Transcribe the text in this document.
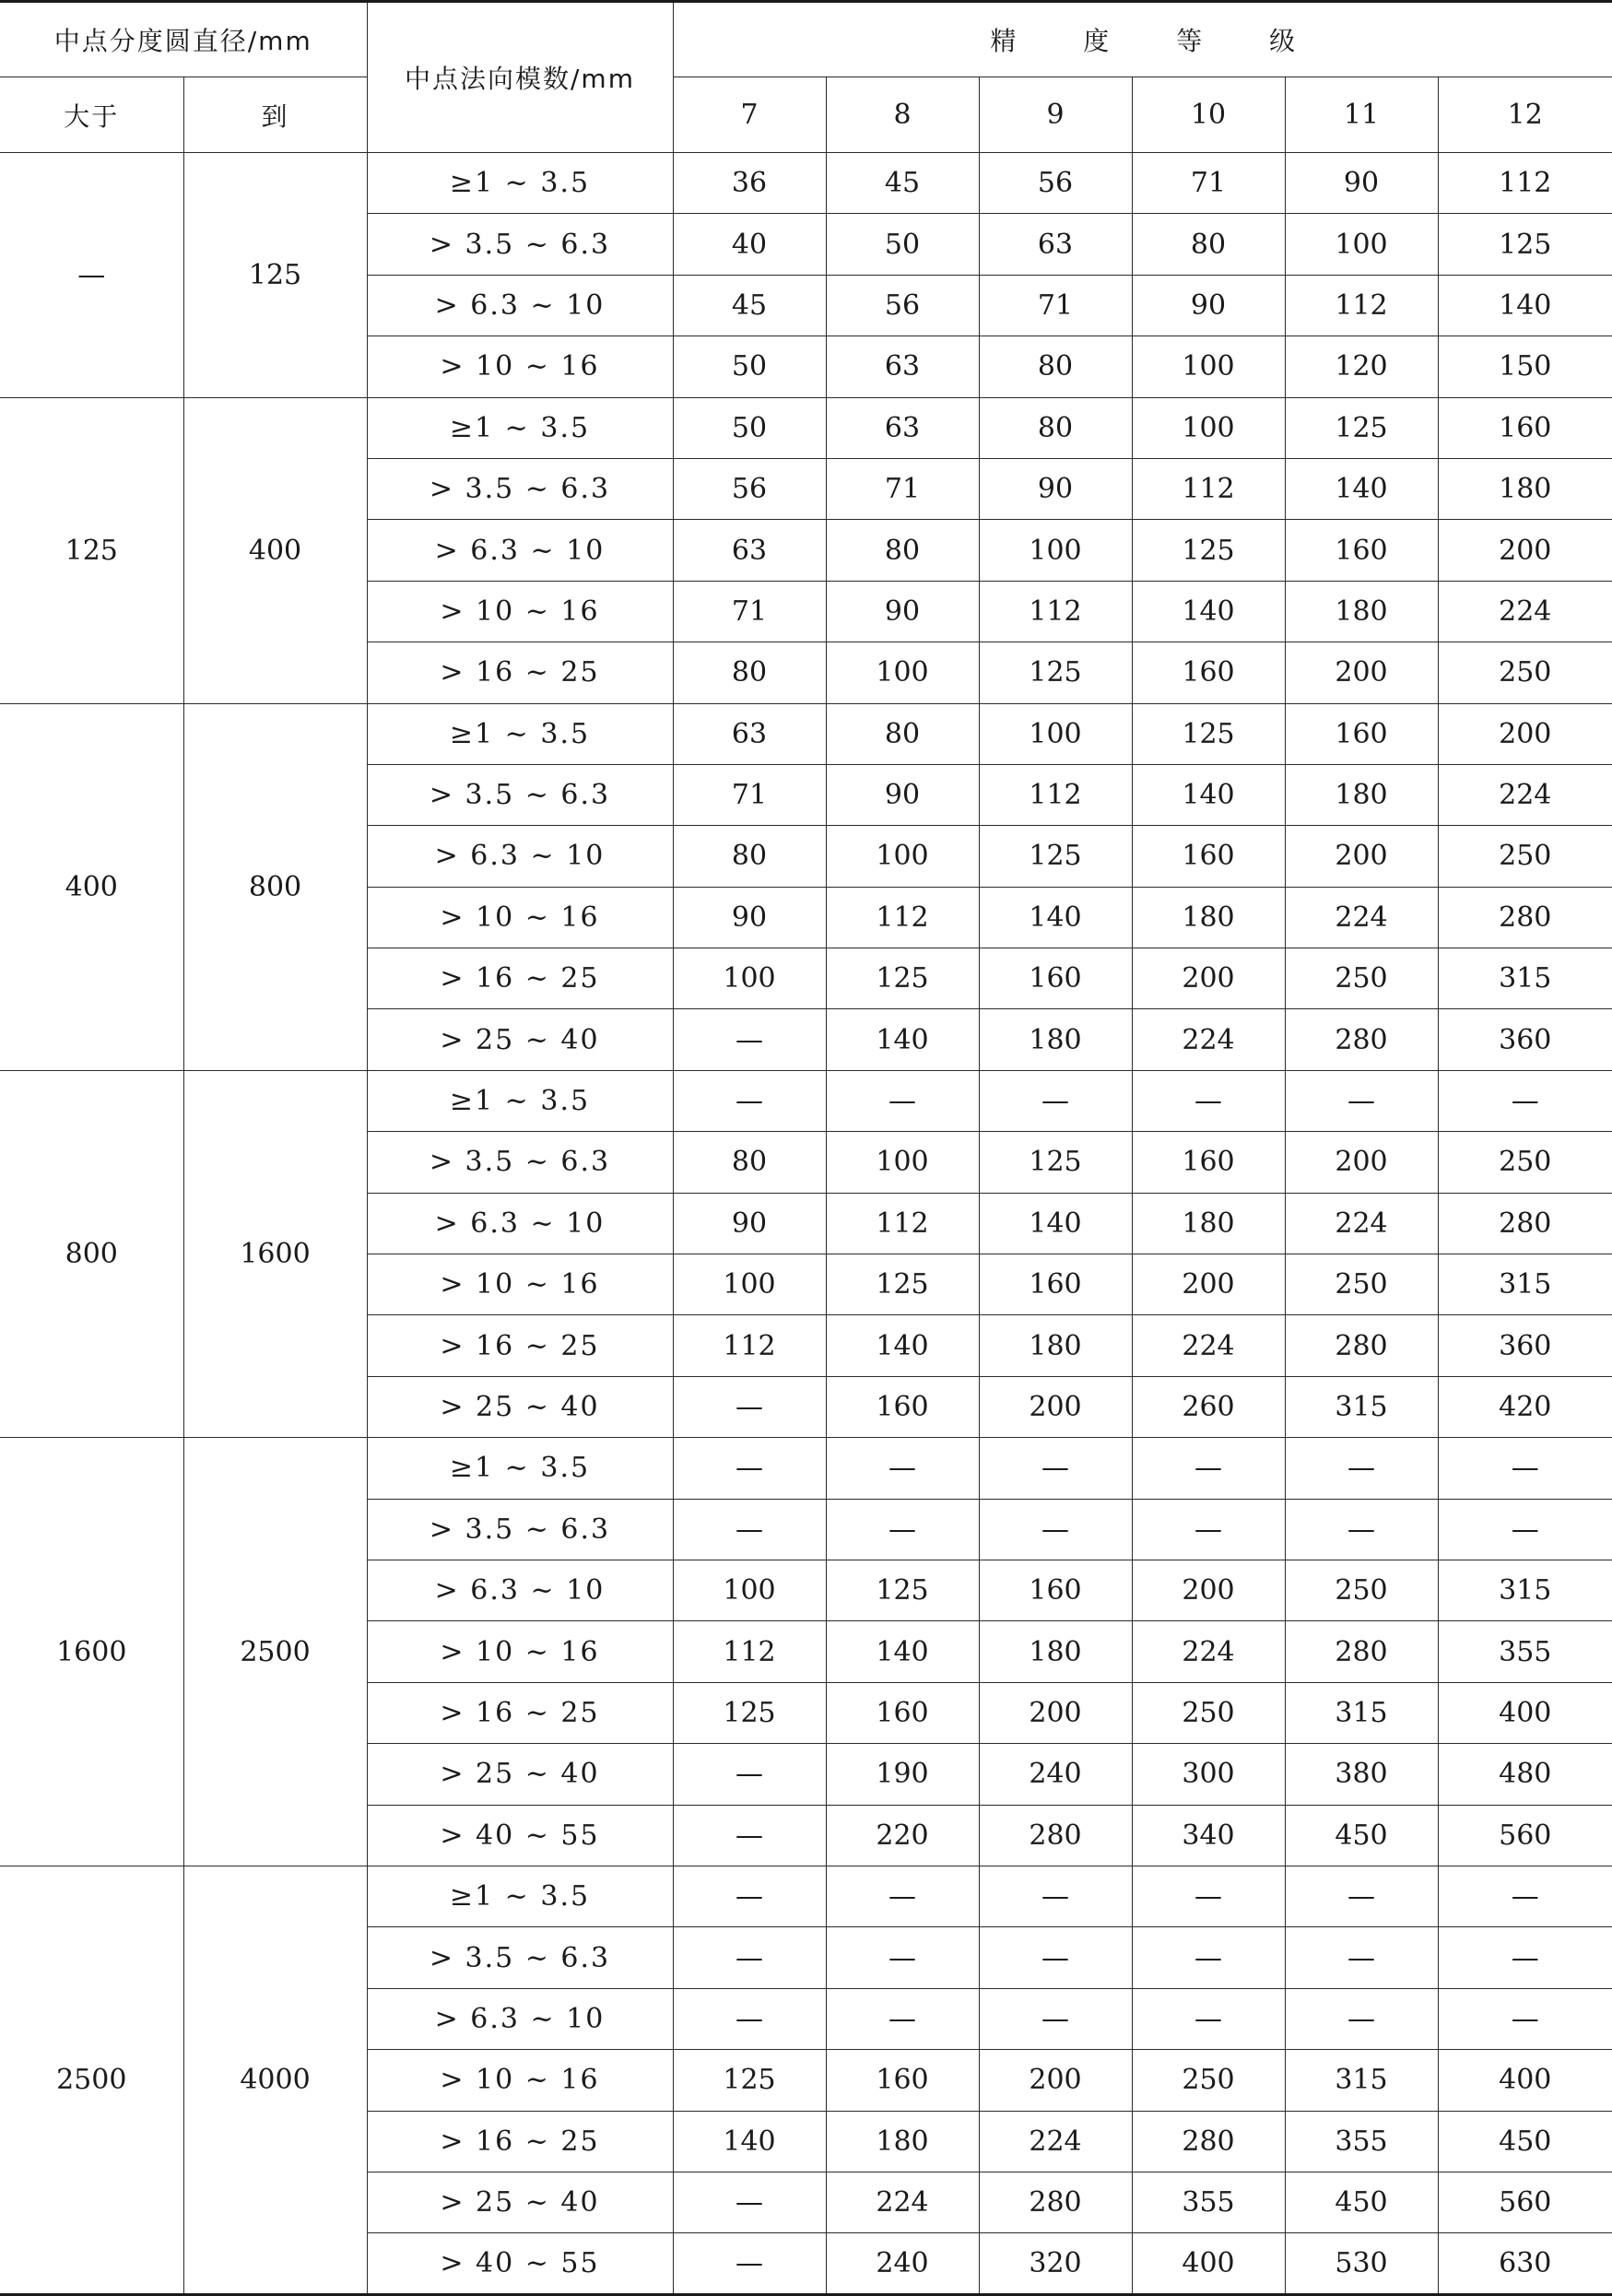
中点分度圆直径/mm		中点法向模数/mm	精 度 等 级					
大于	到		7	8	9	10	11	12
—	125	≥1 ~ 3.5	36	45	56	71	90	112
		> 3.5 ~ 6.3	40	50	63	80	100	125
		> 6.3 ~ 10	45	56	71	90	112	140
		> 10 ~ 16	50	63	80	100	120	150
125	400	≥1 ~ 3.5	50	63	80	100	125	160
		> 3.5 ~ 6.3	56	71	90	112	140	180
		> 6.3 ~ 10	63	80	100	125	160	200
		> 10 ~ 16	71	90	112	140	180	224
		> 16 ~ 25	80	100	125	160	200	250
400	800	≥1 ~ 3.5	63	80	100	125	160	200
		> 3.5 ~ 6.3	71	90	112	140	180	224
		> 6.3 ~ 10	80	100	125	160	200	250
		> 10 ~ 16	90	112	140	180	224	280
		> 16 ~ 25	100	125	160	200	250	315
		> 25 ~ 40	—	140	180	224	280	360
800	1600	≥1 ~ 3.5	—	—	—	—	—	—
		> 3.5 ~ 6.3	80	100	125	160	200	250
		> 6.3 ~ 10	90	112	140	180	224	280
		> 10 ~ 16	100	125	160	200	250	315
		> 16 ~ 25	112	140	180	224	280	360
		> 25 ~ 40	—	160	200	260	315	420
1600	2500	≥1 ~ 3.5	—	—	—	—	—	—
		> 3.5 ~ 6.3	—	—	—	—	—	—
		> 6.3 ~ 10	100	125	160	200	250	315
		> 10 ~ 16	112	140	180	224	280	355
		> 16 ~ 25	125	160	200	250	315	400
		> 25 ~ 40	—	190	240	300	380	480
		> 40 ~ 55	—	220	280	340	450	560
2500	4000	≥1 ~ 3.5	—	—	—	—	—	—
		> 3.5 ~ 6.3	—	—	—	—	—	—
		> 6.3 ~ 10	—	—	—	—	—	—
		> 10 ~ 16	125	160	200	250	315	400
		> 16 ~ 25	140	180	224	280	355	450
		> 25 ~ 40	—	224	280	355	450	560
		> 40 ~ 55	—	240	320	400	530	630
